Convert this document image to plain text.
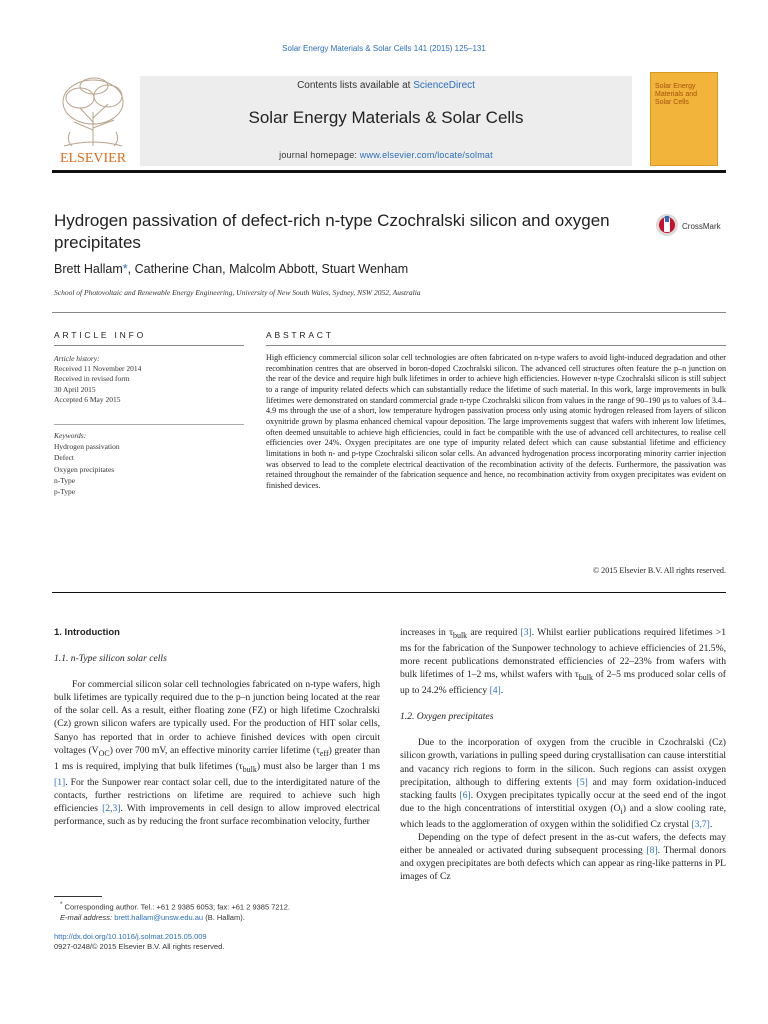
Solar Energy Materials & Solar Cells 141 (2015) 125–131
ELSEVIER
Contents lists available at ScienceDirect
Solar Energy Materials & Solar Cells
journal homepage: www.elsevier.com/locate/solmat
Solar Energy Materials and Solar Cells
Hydrogen passivation of defect-rich n-type Czochralski silicon and oxygen precipitates
CrossMark
Brett Hallam*, Catherine Chan, Malcolm Abbott, Stuart Wenham
School of Photovoltaic and Renewable Energy Engineering, University of New South Wales, Sydney, NSW 2052, Australia
ARTICLE INFO
Article history:
Received 11 November 2014
Received in revised form
30 April 2015
Accepted 6 May 2015
Keywords:
Hydrogen passivation
Defect
Oxygen precipitates
n-Type
p-Type
ABSTRACT
High efficiency commercial silicon solar cell technologies are often fabricated on n-type wafers to avoid light-induced degradation and other recombination centres that are observed in boron-doped Czochralski silicon. The advanced cell structures often feature the p–n junction on the rear of the device and require high bulk lifetimes in order to achieve high efficiencies. However n-type Czochralski silicon is still subject to a range of impurity related defects which can substantially reduce the lifetime of such material. In this work, large improvements in bulk lifetimes were demonstrated on standard commercial grade n-type Czochralski silicon from values in the range of 90–190 μs to values of 3.4–4.9 ms through the use of a short, low temperature hydrogen passivation process only using atomic hydrogen released from layers of silicon oxynitride grown by plasma enhanced chemical vapour deposition. The large improvements suggest that wafers with inherent low lifetimes, often deemed unsuitable to achieve high efficiencies, could in fact be compatible with the use of advanced cell architectures, to realise cell efficiencies over 24%. Oxygen precipitates are one type of impurity related defect which can cause substantial lifetime and efficiency limitations in both n- and p-type Czochralski silicon solar cells. An advanced hydrogenation process incorporating minority carrier injection was observed to lead to the complete electrical deactivation of the recombination activity of the defects. Furthermore, the passivation was retained throughout the remainder of the fabrication sequence and hence, no recombination activity from oxygen precipitates was evident on finished devices.
© 2015 Elsevier B.V. All rights reserved.
1. Introduction
1.1. n-Type silicon solar cells

For commercial silicon solar cell technologies fabricated on n-type wafers, high bulk lifetimes are typically required due to the p–n junction being located at the rear of the solar cell. As a result, either floating zone (FZ) or high lifetime Czochralski (Cz) grown silicon wafers are typically used. For the production of HIT solar cells, Sanyo has reported that in order to achieve finished devices with open circuit voltages $(V_{OC})$ over 700 mV, an effective minority carrier lifetime $(\tau_{eff})$ greater than 1 ms is required, implying that bulk lifetimes $(\tau_{bulk})$ must also be larger than 1 ms [1]. For the Sunpower rear contact solar cell, due to the interdigitated nature of the contacts, further restrictions on lifetime are required to achieve such high efficiencies [2,3]. With improvements in cell design to allow improved electrical performance, such as by reducing the front surface recombination velocity, further

increases in $\tau_{bulk}$ are required [3]. Whilst earlier publications required lifetimes >1 ms for the fabrication of the Sunpower technology to achieve efficiencies of 21.5%, more recent publications demonstrated efficiencies of 22–23% from wafers with bulk lifetimes of 1–2 ms, whilst wafers with $\tau_{bulk}$ of 2–5 ms produced solar cells of up to 24.2% efficiency [4].

1.2. Oxygen precipitates

Due to the incorporation of oxygen from the crucible in Czochralski (Cz) silicon growth, variations in pulling speed during crystallisation can cause interstitial and vacancy rich regions to form in the silicon. Such regions can assist oxygen precipitation, although to differing extents [5] and may form oxidation-induced stacking faults [6]. Oxygen precipitates typically occur at the seed end of the ingot due to the high concentrations of interstitial oxygen $(O_i)$ and a slow cooling rate, which leads to the agglomeration of oxygen within the solidified Cz crystal [3,7].

Depending on the type of defect present in the as-cut wafers, the defects may either be annealed or activated during subsequent processing [8]. Thermal donors and oxygen precipitates are both defects which can appear as ring-like patterns in PL images of Cz

* Corresponding author. Tel.: +61 2 9385 6053; fax: +61 2 9385 7212.
E-mail address: brett.hallam@unsw.edu.au (B. Hallam).
http://dx.doi.org/10.1016/j.solmat.2015.05.009
0927-0248/© 2015 Elsevier B.V. All rights reserved.
